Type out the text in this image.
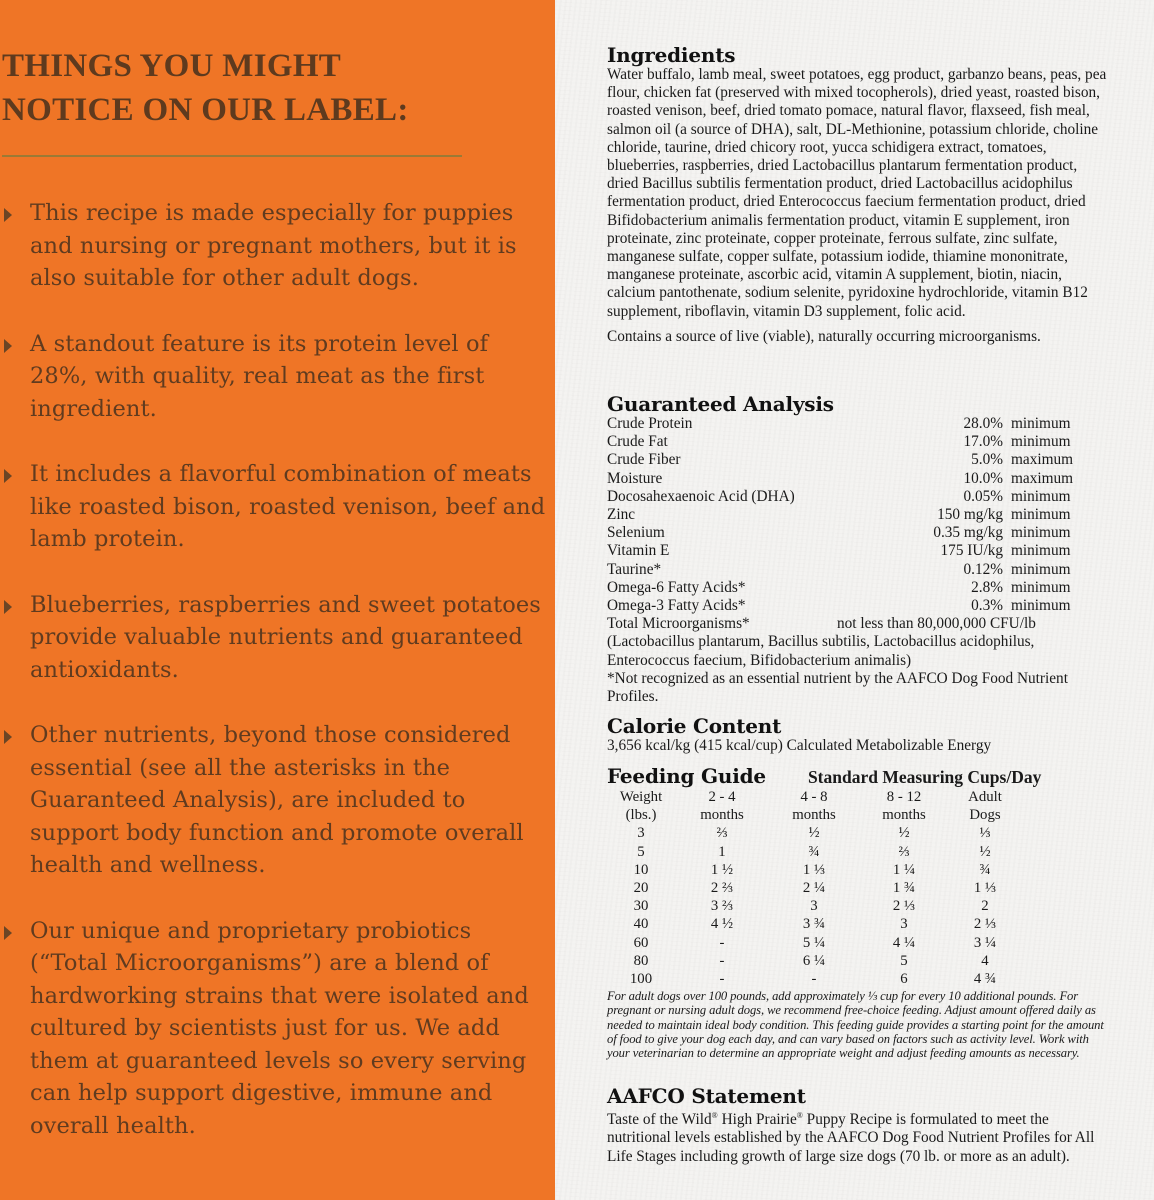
THINGS YOU MIGHT
NOTICE ON OUR LABEL:
This recipe is made especially for puppies and nursing or pregnant mothers, but it is also suitable for other adult dogs.
A standout feature is its protein level of 28%, with quality, real meat as the first ingredient.
It includes a flavorful combination of meats like roasted bison, roasted venison, beef and lamb protein.
Blueberries, raspberries and sweet potatoes provide valuable nutrients and guaranteed antioxidants.
Other nutrients, beyond those considered essential (see all the asterisks in the Guaranteed Analysis), are included to support body function and promote overall health and wellness.
Our unique and proprietary probiotics (“Total Microorganisms”) are a blend of hardworking strains that were isolated and cultured by scientists just for us. We add them at guaranteed levels so every serving can help support digestive, immune and overall health.
Ingredients
Water buffalo, lamb meal, sweet potatoes, egg product, garbanzo beans, peas, pea flour, chicken fat (preserved with mixed tocopherols), dried yeast, roasted bison, roasted venison, beef, dried tomato pomace, natural flavor, flaxseed, fish meal, salmon oil (a source of DHA), salt, DL-Methionine, potassium chloride, choline chloride, taurine, dried chicory root, yucca schidigera extract, tomatoes, blueberries, raspberries, dried Lactobacillus plantarum fermentation product, dried Bacillus subtilis fermentation product, dried Lactobacillus acidophilus fermentation product, dried Enterococcus faecium fermentation product, dried Bifidobacterium animalis fermentation product, vitamin E supplement, iron proteinate, zinc proteinate, copper proteinate, ferrous sulfate, zinc sulfate, manganese sulfate, copper sulfate, potassium iodide, thiamine mononitrate, manganese proteinate, ascorbic acid, vitamin A supplement, biotin, niacin, calcium pantothenate, sodium selenite, pyridoxine hydrochloride, vitamin B12 supplement, riboflavin, vitamin D3 supplement, folic acid.
Contains a source of live (viable), naturally occurring microorganisms.
Guaranteed Analysis
Crude Protein	28.0% minimum
Crude Fat	17.0% minimum
Crude Fiber	5.0% maximum
Moisture	10.0% maximum
Docosahexaenoic Acid (DHA)	0.05% minimum
Zinc	150 mg/kg minimum
Selenium	0.35 mg/kg minimum
Vitamin E	175 IU/kg minimum
Taurine*	0.12% minimum
Omega-6 Fatty Acids*	2.8% minimum
Omega-3 Fatty Acids*	0.3% minimum
Total Microorganisms*	not less than 80,000,000 CFU/lb
(Lactobacillus plantarum, Bacillus subtilis, Lactobacillus acidophilus, Enterococcus faecium, Bifidobacterium animalis)
*Not recognized as an essential nutrient by the AAFCO Dog Food Nutrient Profiles.
Calorie Content
3,656 kcal/kg (415 kcal/cup) Calculated Metabolizable Energy
Feeding Guide Standard Measuring Cups/Day
Weight	2 - 4	4 - 8	8 - 12	Adult
(lbs.)	months	months	months	Dogs
3	⅔	½	½	⅓
5	1	¾	⅔	½
10	1 ½	1 ⅓	1 ¼	¾
20	2 ⅔	2 ¼	1 ¾	1 ⅓
30	3 ⅔	3	2 ⅓	2
40	4 ½	3 ¾	3	2 ⅓
60	-	5 ¼	4 ¼	3 ¼
80	-	6 ¼	5	4
100	-	-	6	4 ¾
For adult dogs over 100 pounds, add approximately ⅓ cup for every 10 additional pounds. For pregnant or nursing adult dogs, we recommend free-choice feeding. Adjust amount offered daily as needed to maintain ideal body condition. This feeding guide provides a starting point for the amount of food to give your dog each day, and can vary based on factors such as activity level. Work with your veterinarian to determine an appropriate weight and adjust feeding amounts as necessary.
AAFCO Statement
Taste of the Wild® High Prairie® Puppy Recipe is formulated to meet the nutritional levels established by the AAFCO Dog Food Nutrient Profiles for All Life Stages including growth of large size dogs (70 lb. or more as an adult).
